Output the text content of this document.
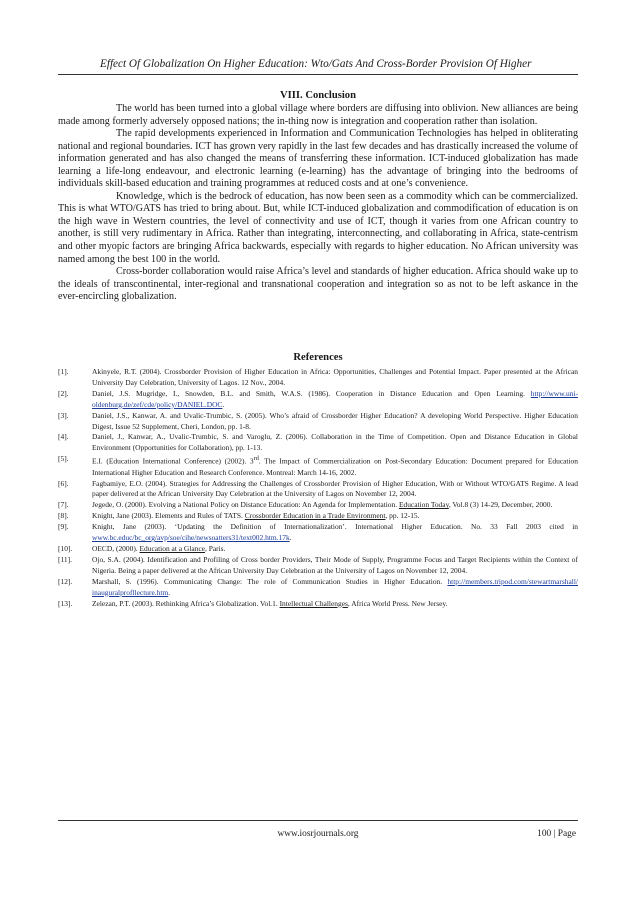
Effect Of Globalization On Higher Education: Wto/Gats And Cross-Border Provision Of Higher
VIII. Conclusion

The world has been turned into a global village where borders are diffusing into oblivion. New alliances are being made among formerly adversely opposed nations; the in-thing now is integration and cooperation rather than isolation.

The rapid developments experienced in Information and Communication Technologies has helped in obliterating national and regional boundaries. ICT has grown very rapidly in the last few decades and has drastically increased the volume of information generated and has also changed the means of transferring these information. ICT-induced globalization has made learning a life-long endeavour, and electronic learning (e-learning) has the advantage of bringing into the bedrooms of individuals skill-based education and training programmes at reduced costs and at one’s convenience.

Knowledge, which is the bedrock of education, has now been seen as a commodity which can be commercialized. This is what WTO/GATS has tried to bring about. But, while ICT-induced globalization and commodification of education is on the high wave in Western countries, the level of connectivity and use of ICT, though it varies from one African country to another, is still very rudimentary in Africa. Rather than integrating, interconnecting, and collaborating in Africa, state-centrism and other myopic factors are bringing Africa backwards, especially with regards to higher education. No African university was named among the best 100 in the world.

Cross-border collaboration would raise Africa’s level and standards of higher education. Africa should wake up to the ideals of transcontinental, inter-regional and transnational cooperation and integration so as not to be left askance in the ever-encircling globalization.

References
[1].	Akinyele, R.T. (2004). Crossborder Provision of Higher Education in Africa: Opportunities, Challenges and Potential Impact. Paper presented at the African University Day Celebration, University of Lagos. 12 Nov., 2004.
[2].	Daniel, J.S. Mugridge, I., Snowden, B.L. and Smith, W.A.S. (1986). Cooperation in Distance Education and Open Learning. http://www.uni-oldenburg.de/zef/cde/policy/DANIEL.DOC.
[3].	Daniel, J.S., Kanwar, A. and Uvalic-Trumbic, S. (2005). Who’s afraid of Crossborder Higher Education? A developing World Perspective. Higher Education Digest, Issue 52 Supplement, Cheri, London, pp. 1-8.
[4].	Daniel, J., Kanwar, A., Uvalic-Trumbic, S. and Varoglu, Z. (2006). Collaboration in the Time of Competition. Open and Distance Education in Global Environment (Opportunities for Collaboration), pp. 1-13.
[5].	E.I. (Education International Conference) (2002). 3rd. The Impact of Commercialization on Post-Secondary Education: Document prepared for Education International Higher Education and Research Conference. Montreal: March 14-16, 2002.
[6].	Fagbamiye, E.O. (2004). Strategies for Addressing the Challenges of Crossborder Provision of Higher Education, With or Without WTO/GATS Regime. A lead paper delivered at the African University Day Celebration at the University of Lagos on November 12, 2004.
[7].	Jegede, O. (2000). Evolving a National Policy on Distance Education: An Agenda for Implementation. Education Today, Vol.8 (3) 14-29, December, 2000.
[8].	Knight, Jane (2003). Elements and Rules of TATS. Crossborder Education in a Trade Environment, pp. 12-15.
[9].	Knight, Jane (2003). ‘Updating the Definition of Internationalization’. International Higher Education. No. 33 Fall 2003 cited in www.bc.educ/bc_org/avp/soe/cihe/newsoatters31/text002.htm.17k.
[10].	OECD, (2000). Education at a Glance, Paris.
[11].	Ojo, S.A. (2004). Identification and Profiling of Cross border Providers, Their Mode of Supply, Programme Focus and Target Recipients within the Context of Nigeria. Being a paper delivered at the African University Day Celebration at the University of Lagos on November 12, 2004.
[12].	Marshall, S. (1996). Communicating Change: The role of Communication Studies in Higher Education. http://members.tripod.com/stewartmarshall/ inauguralprofllecture.htm.
[13].	Zelezan, P.T. (2003). Rethinking Africa’s Globalization. Vol.1. Intellectual Challenges, Africa World Press. New Jersey.
www.iosrjournals.org	100 | Page
